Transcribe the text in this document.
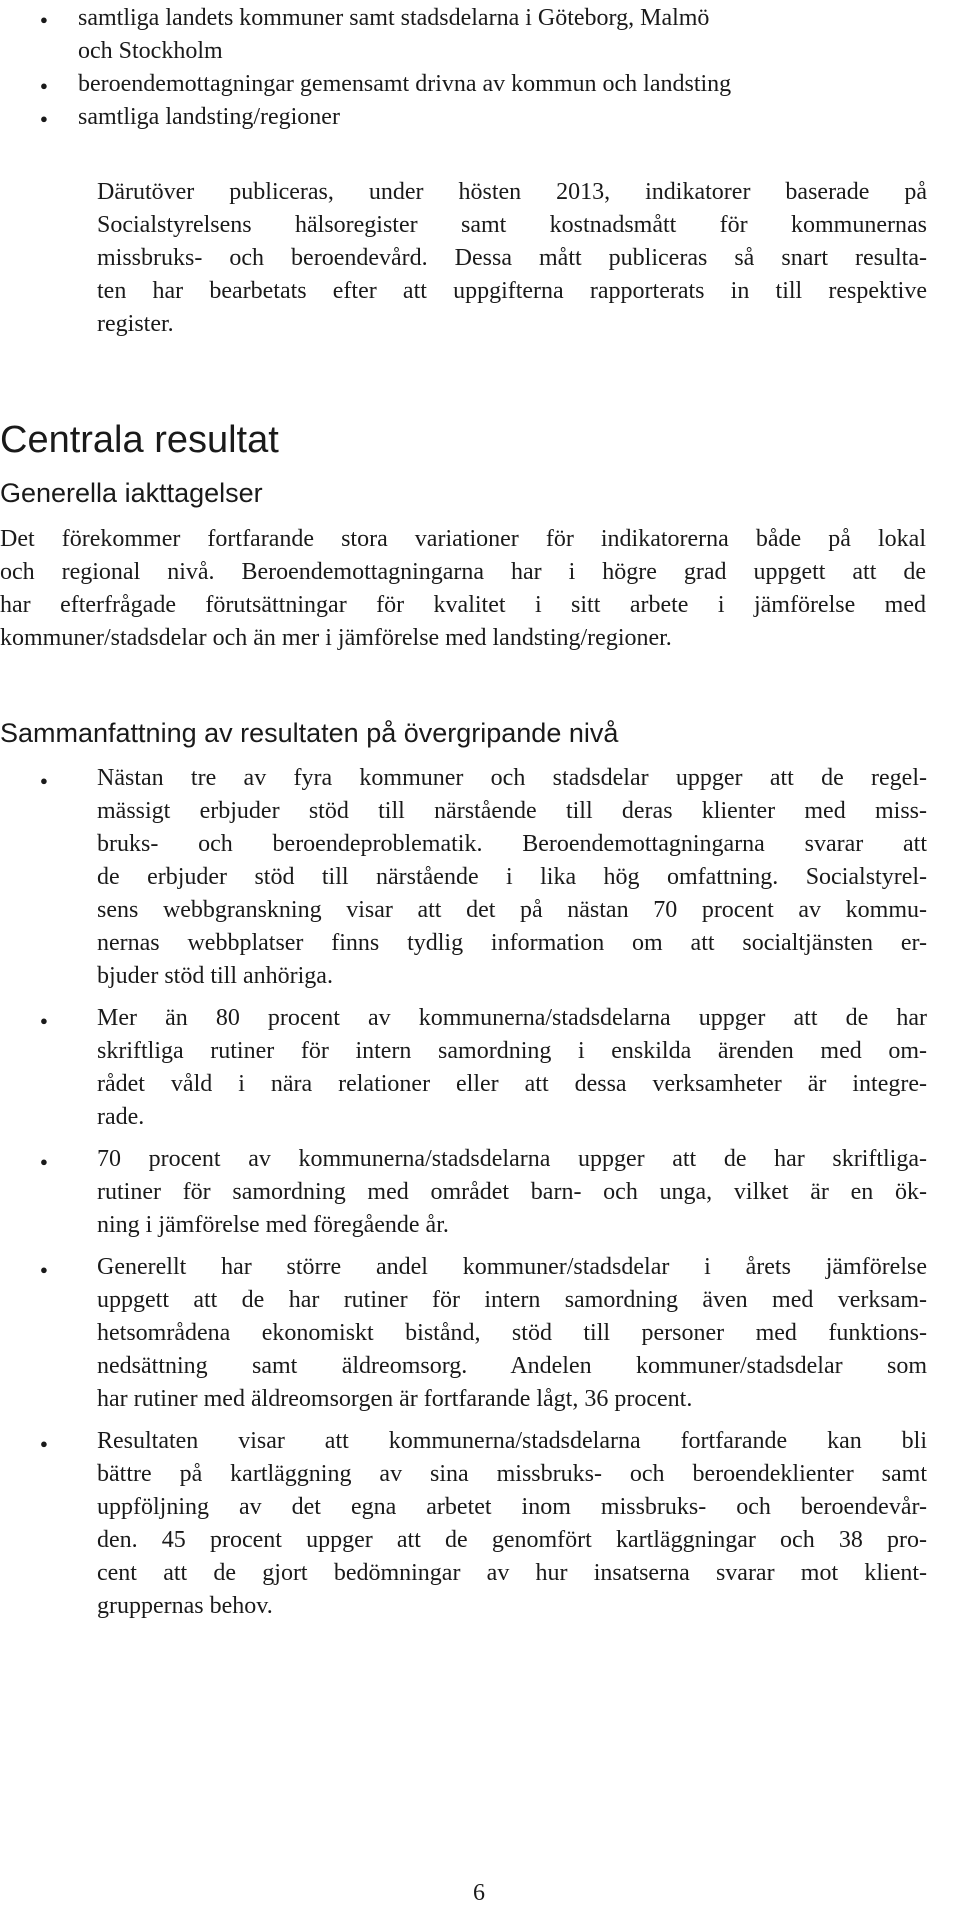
● samtliga landets kommuner samt stadsdelarna i Göteborg, Malmö
och Stockholm
● beroendemottagningar gemensamt drivna av kommun och landsting
● samtliga landsting/regioner
Därutöver publiceras, under hösten 2013, indikatorer baserade på
Socialstyrelsens hälsoregister samt kostnadsmått för kommunernas
missbruks- och beroendevård. Dessa mått publiceras så snart resulta-
ten har bearbetats efter att uppgifterna rapporterats in till respektive
register.
Centrala resultat
Generella iakttagelser
Det förekommer fortfarande stora variationer för indikatorerna både på lokal
och regional nivå. Beroendemottagningarna har i högre grad uppgett att de
har efterfrågade förutsättningar för kvalitet i sitt arbete i jämförelse med
kommuner/stadsdelar och än mer i jämförelse med landsting/regioner.
Sammanfattning av resultaten på övergripande nivå
● Nästan tre av fyra kommuner och stadsdelar uppger att de regel-
mässigt erbjuder stöd till närstående till deras klienter med miss-
bruks- och beroendeproblematik. Beroendemottagningarna svarar att
de erbjuder stöd till närstående i lika hög omfattning. Socialstyrel-
sens webbgranskning visar att det på nästan 70 procent av kommu-
nernas webbplatser finns tydlig information om att socialtjänsten er-
bjuder stöd till anhöriga.
● Mer än 80 procent av kommunerna/stadsdelarna uppger att de har
skriftliga rutiner för intern samordning i enskilda ärenden med om-
rådet våld i nära relationer eller att dessa verksamheter är integre-
rade.
● 70 procent av kommunerna/stadsdelarna uppger att de har skriftliga-
rutiner för samordning med området barn- och unga, vilket är en ök-
ning i jämförelse med föregående år.
● Generellt har större andel kommuner/stadsdelar i årets jämförelse
uppgett att de har rutiner för intern samordning även med verksam-
hetsområdena ekonomiskt bistånd, stöd till personer med funktions-
nedsättning samt äldreomsorg. Andelen kommuner/stadsdelar som
har rutiner med äldreomsorgen är fortfarande lågt, 36 procent.
● Resultaten visar att kommunerna/stadsdelarna fortfarande kan bli
bättre på kartläggning av sina missbruks- och beroendeklienter samt
uppföljning av det egna arbetet inom missbruks- och beroendevår-
den. 45 procent uppger att de genomfört kartläggningar och 38 pro-
cent att de gjort bedömningar av hur insatserna svarar mot klient-
gruppernas behov.
6
